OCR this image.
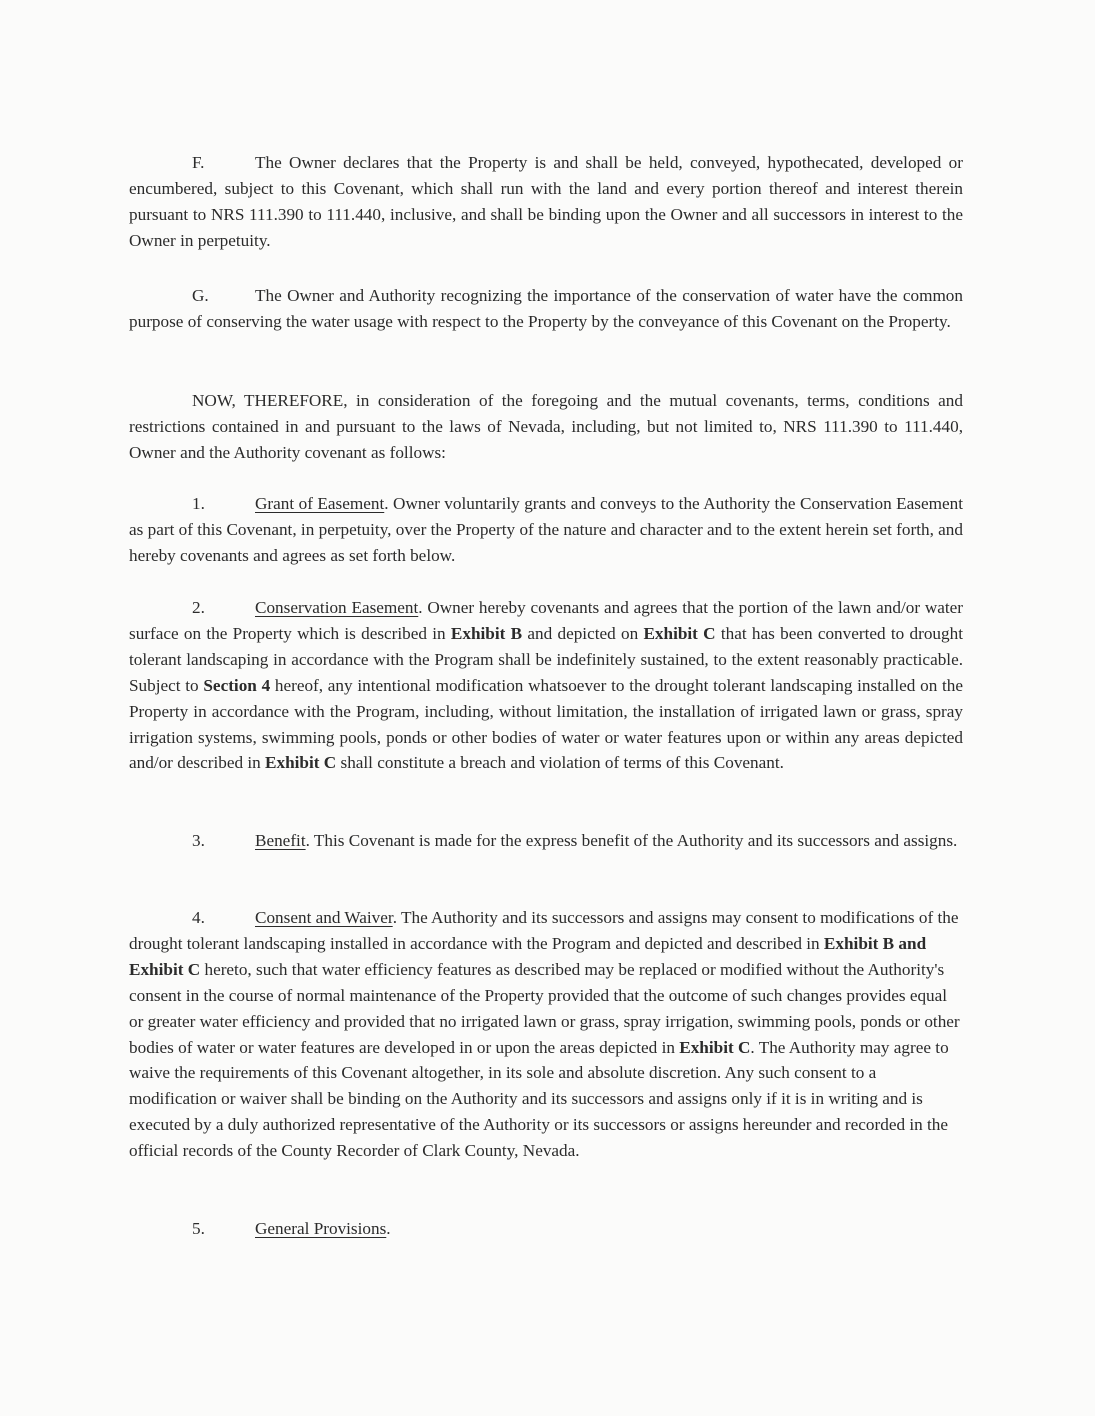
F.	The Owner declares that the Property is and shall be held, conveyed, hypothecated, developed or encumbered, subject to this Covenant, which shall run with the land and every portion thereof and interest therein pursuant to NRS 111.390 to 111.440, inclusive, and shall be binding upon the Owner and all successors in interest to the Owner in perpetuity.

G.	The Owner and Authority recognizing the importance of the conservation of water have the common purpose of conserving the water usage with respect to the Property by the conveyance of this Covenant on the Property.

NOW, THEREFORE, in consideration of the foregoing and the mutual covenants, terms, conditions and restrictions contained in and pursuant to the laws of Nevada, including, but not limited to, NRS 111.390 to 111.440, Owner and the Authority covenant as follows:

1.	Grant of Easement. Owner voluntarily grants and conveys to the Authority the Conservation Easement as part of this Covenant, in perpetuity, over the Property of the nature and character and to the extent herein set forth, and hereby covenants and agrees as set forth below.

2.	Conservation Easement. Owner hereby covenants and agrees that the portion of the lawn and/or water surface on the Property which is described in Exhibit B and depicted on Exhibit C that has been converted to drought tolerant landscaping in accordance with the Program shall be indefinitely sustained, to the extent reasonably practicable. Subject to Section 4 hereof, any intentional modification whatsoever to the drought tolerant landscaping installed on the Property in accordance with the Program, including, without limitation, the installation of irrigated lawn or grass, spray irrigation systems, swimming pools, ponds or other bodies of water or water features upon or within any areas depicted and/or described in Exhibit C shall constitute a breach and violation of terms of this Covenant.

3.	Benefit. This Covenant is made for the express benefit of the Authority and its successors and assigns.

4.	Consent and Waiver. The Authority and its successors and assigns may consent to modifications of the drought tolerant landscaping installed in accordance with the Program and depicted and described in Exhibit B and Exhibit C hereto, such that water efficiency features as described may be replaced or modified without the Authority's consent in the course of normal maintenance of the Property provided that the outcome of such changes provides equal or greater water efficiency and provided that no irrigated lawn or grass, spray irrigation, swimming pools, ponds or other bodies of water or water features are developed in or upon the areas depicted in Exhibit C. The Authority may agree to waive the requirements of this Covenant altogether, in its sole and absolute discretion. Any such consent to a modification or waiver shall be binding on the Authority and its successors and assigns only if it is in writing and is executed by a duly authorized representative of the Authority or its successors or assigns hereunder and recorded in the official records of the County Recorder of Clark County, Nevada.

5.	General Provisions.
